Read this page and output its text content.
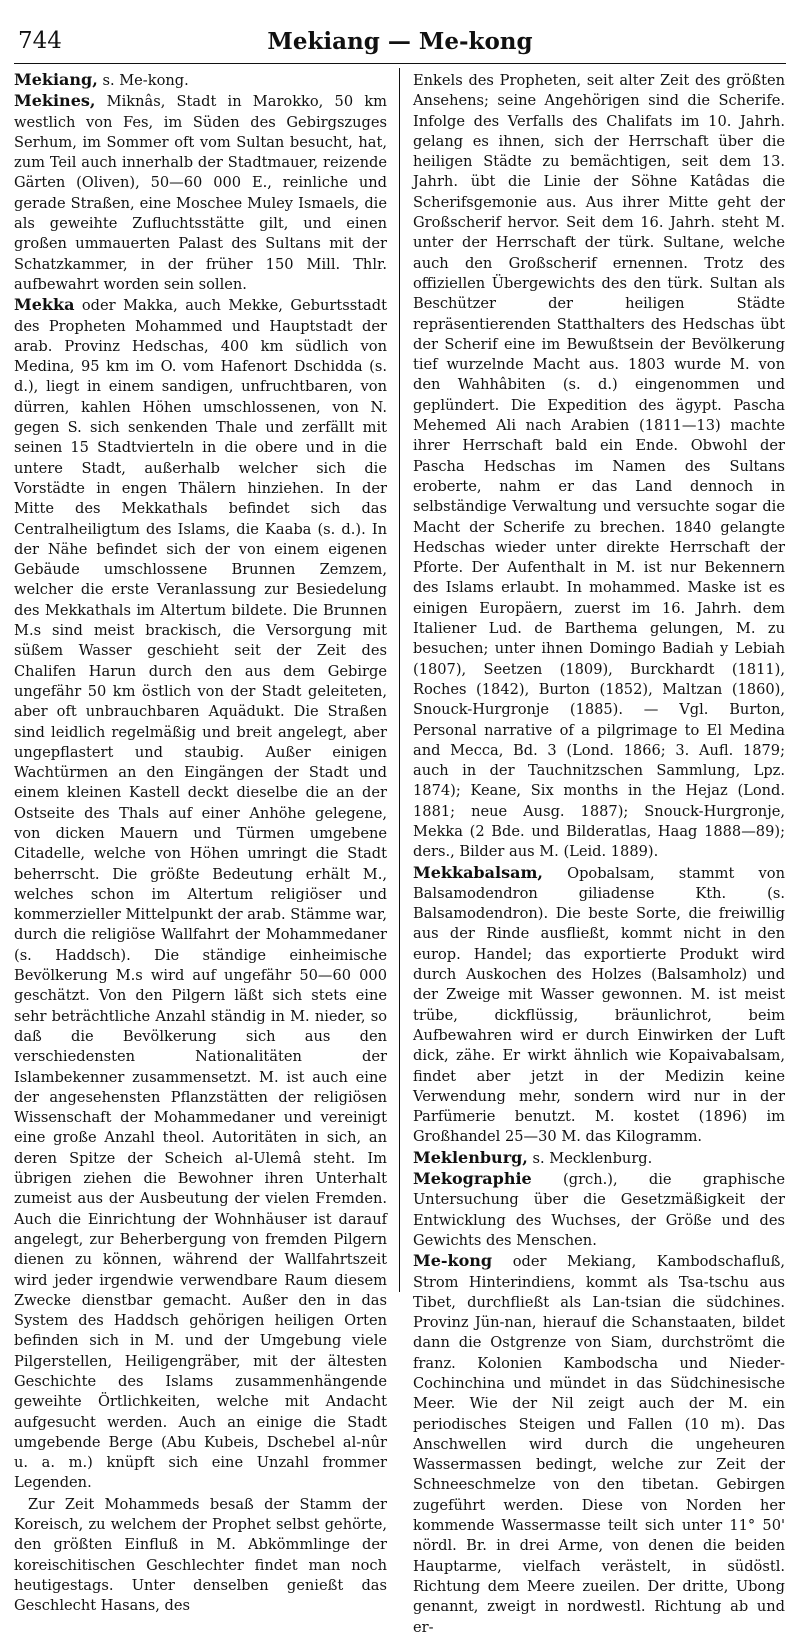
744	Mekiang — Me-kong

Mekiang, s. Me-kong.

Mekines, Miknâs, Stadt in Marokko, 50 km westlich von Fes, im Süden des Gebirgszuges Serhum, im Sommer oft vom Sultan besucht, hat, zum Teil auch innerhalb der Stadtmauer, reizende Gärten (Oliven), 50—60 000 E., reinliche und gerade Straßen, eine Moschee Muley Ismaels, die als geweihte Zufluchtsstätte gilt, und einen großen ummauerten Palast des Sultans mit der Schatzkammer, in der früher 150 Mill. Thlr. aufbewahrt worden sein sollen.

Mekka oder Makka, auch Mekke, Geburtsstadt des Propheten Mohammed und Hauptstadt der arab. Provinz Hedschas, 400 km südlich von Medina, 95 km im O. vom Hafenort Dschidda (s. d.), liegt in einem sandigen, unfruchtbaren, von dürren, kahlen Höhen umschlossenen, von N. gegen S. sich senkenden Thale und zerfällt mit seinen 15 Stadtvierteln in die obere und in die untere Stadt, außerhalb welcher sich die Vorstädte in engen Thälern hinziehen. In der Mitte des Mekkathals befindet sich das Centralheiligtum des Islams, die Kaaba (s. d.). In der Nähe befindet sich der von einem eigenen Gebäude umschlossene Brunnen Zemzem, welcher die erste Veranlassung zur Besiedelung des Mekkathals im Altertum bildete. Die Brunnen M.s sind meist brackisch, die Versorgung mit süßem Wasser geschieht seit der Zeit des Chalifen Harun durch den aus dem Gebirge ungefähr 50 km östlich von der Stadt geleiteten, aber oft unbrauchbaren Aquädukt. Die Straßen sind leidlich regelmäßig und breit angelegt, aber ungepflastert und staubig. Außer einigen Wachtürmen an den Eingängen der Stadt und einem kleinen Kastell deckt dieselbe die an der Ostseite des Thals auf einer Anhöhe gelegene, von dicken Mauern und Türmen umgebene Citadelle, welche von Höhen umringt die Stadt beherrscht. Die größte Bedeutung erhält M., welches schon im Altertum religiöser und kommerzieller Mittelpunkt der arab. Stämme war, durch die religiöse Wallfahrt der Mohammedaner (s. Haddsch). Die ständige einheimische Bevölkerung M.s wird auf ungefähr 50—60 000 geschätzt. Von den Pilgern läßt sich stets eine sehr beträchtliche Anzahl ständig in M. nieder, so daß die Bevölkerung sich aus den verschiedensten Nationalitäten der Islambekenner zusammensetzt. M. ist auch eine der angesehensten Pflanzstätten der religiösen Wissenschaft der Mohammedaner und vereinigt eine große Anzahl theol. Autoritäten in sich, an deren Spitze der Scheich al-Ulemâ steht. Im übrigen ziehen die Bewohner ihren Unterhalt zumeist aus der Ausbeutung der vielen Fremden. Auch die Einrichtung der Wohnhäuser ist darauf angelegt, zur Beherbergung von fremden Pilgern dienen zu können, während der Wallfahrtszeit wird jeder irgendwie verwendbare Raum diesem Zwecke dienstbar gemacht. Außer den in das System des Haddsch gehörigen heiligen Orten befinden sich in M. und der Umgebung viele Pilgerstellen, Heiligengräber, mit der ältesten Geschichte des Islams zusammenhängende geweihte Örtlichkeiten, welche mit Andacht aufgesucht werden. Auch an einige die Stadt umgebende Berge (Abu Kubeis, Dschebel al-nûr u. a. m.) knüpft sich eine Unzahl frommer Legenden.

Zur Zeit Mohammeds besaß der Stamm der Koreisch, zu welchem der Prophet selbst gehörte, den größten Einfluß in M. Abkömmlinge der koreischitischen Geschlechter findet man noch heutigestags. Unter denselben genießt das Geschlecht Hasans, des

Enkels des Propheten, seit alter Zeit des größten Ansehens; seine Angehörigen sind die Scherife. Infolge des Verfalls des Chalifats im 10. Jahrh. gelang es ihnen, sich der Herrschaft über die heiligen Städte zu bemächtigen, seit dem 13. Jahrh. übt die Linie der Söhne Katâdas die Scherifsgemonie aus. Aus ihrer Mitte geht der Großscherif hervor. Seit dem 16. Jahrh. steht M. unter der Herrschaft der türk. Sultane, welche auch den Großscherif ernennen. Trotz des offiziellen Übergewichts des den türk. Sultan als Beschützer der heiligen Städte repräsentierenden Statthalters des Hedschas übt der Scherif eine im Bewußtsein der Bevölkerung tief wurzelnde Macht aus. 1803 wurde M. von den Wahhâbiten (s. d.) eingenommen und geplündert. Die Expedition des ägypt. Pascha Mehemed Ali nach Arabien (1811—13) machte ihrer Herrschaft bald ein Ende. Obwohl der Pascha Hedschas im Namen des Sultans eroberte, nahm er das Land dennoch in selbständige Verwaltung und versuchte sogar die Macht der Scherife zu brechen. 1840 gelangte Hedschas wieder unter direkte Herrschaft der Pforte. Der Aufenthalt in M. ist nur Bekennern des Islams erlaubt. In mohammed. Maske ist es einigen Europäern, zuerst im 16. Jahrh. dem Italiener Lud. de Barthema gelungen, M. zu besuchen; unter ihnen Domingo Badiah y Lebiah (1807), Seetzen (1809), Burckhardt (1811), Roches (1842), Burton (1852), Maltzan (1860), Snouck-Hurgronje (1885). — Vgl. Burton, Personal narrative of a pilgrimage to El Medina and Mecca, Bd. 3 (Lond. 1866; 3. Aufl. 1879; auch in der Tauchnitzschen Sammlung, Lpz. 1874); Keane, Six months in the Hejaz (Lond. 1881; neue Ausg. 1887); Snouck-Hurgronje, Mekka (2 Bde. und Bilderatlas, Haag 1888—89); ders., Bilder aus M. (Leid. 1889).

Mekkabalsam, Opobalsam, stammt von Balsamodendron giliadense Kth. (s. Balsamodendron). Die beste Sorte, die freiwillig aus der Rinde ausfließt, kommt nicht in den europ. Handel; das exportierte Produkt wird durch Auskochen des Holzes (Balsamholz) und der Zweige mit Wasser gewonnen. M. ist meist trübe, dickflüssig, bräunlichrot, beim Aufbewahren wird er durch Einwirken der Luft dick, zähe. Er wirkt ähnlich wie Kopaivabalsam, findet aber jetzt in der Medizin keine Verwendung mehr, sondern wird nur in der Parfümerie benutzt. M. kostet (1896) im Großhandel 25—30 M. das Kilogramm.

Meklenburg, s. Mecklenburg.

Mekographie (grch.), die graphische Untersuchung über die Gesetzmäßigkeit der Entwicklung des Wuchses, der Größe und des Gewichts des Menschen.

Me-kong oder Mekiang, Kambodschafluß, Strom Hinterindiens, kommt als Tsa-tschu aus Tibet, durchfließt als Lan-tsian die südchines. Provinz Jün-nan, hierauf die Schanstaaten, bildet dann die Ostgrenze von Siam, durchströmt die franz. Kolonien Kambodscha und Nieder-Cochinchina und mündet in das Südchinesische Meer. Wie der Nil zeigt auch der M. ein periodisches Steigen und Fallen (10 m). Das Anschwellen wird durch die ungeheuren Wassermassen bedingt, welche zur Zeit der Schneeschmelze von den tibetan. Gebirgen zugeführt werden. Diese von Norden her kommende Wassermasse teilt sich unter 11° 50' nördl. Br. in drei Arme, von denen die beiden Hauptarme, vielfach verästelt, in südöstl. Richtung dem Meere zueilen. Der dritte, Ubong genannt, zweigt in nordwestl. Richtung ab und er-
